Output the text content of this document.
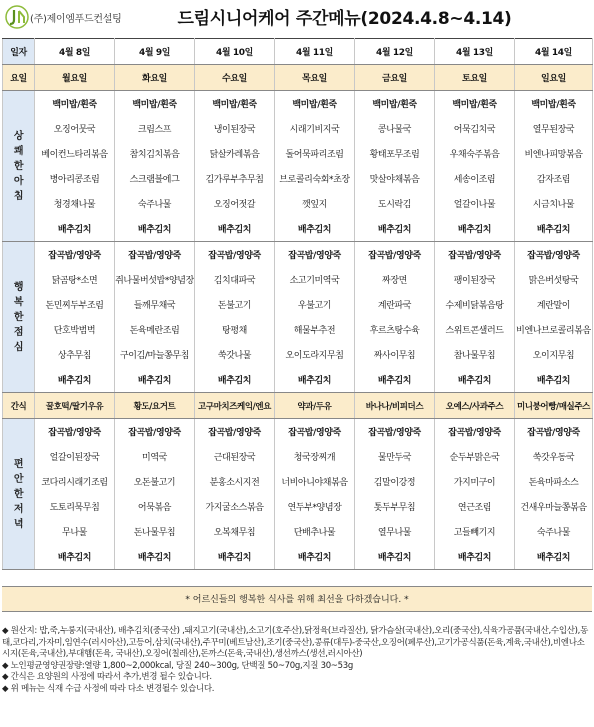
(주)제이엠푸드컨설팅	드림시니어케어 주간메뉴(2024.4.8~4.14)
일자	4월 8일	4월 9일	4월 10일	4월 11일	4월 12일	4월 13일	4월 14일
요일	월요일	화요일	수요일	목요일	금요일	토요일	일요일

상
쾌
한
아
침	백미밥/흰죽	백미밥/흰죽	백미밥/흰죽	백미밥/흰죽	백미밥/흰죽	백미밥/흰죽	백미밥/흰죽
	오징어뭇국	크림스프	냉이된장국	시래기비지국	콩나물국	어묵김치국	열무된장국
	베이컨느타리볶음	참치김치볶음	닭살카레볶음	돌어묵파리조림	황태포무조림	우채숙주볶음	비엔나피망볶음
	병아리콩조림	스크램블에그	김가루부추무침	브로콜리숙회*초장	맛살야채볶음	세송이조림	감자조림
	청경채나물	숙주나물	오징어젓갈	깻잎지	도시락김	얼갈이나물	시금치나물
	배추김치	배추김치	배추김치	배추김치	배추김치	배추김치	배추김치

행
복
한
점
심	잡곡밥/영양죽	잡곡밥/영양죽	잡곡밥/영양죽	잡곡밥/영양죽	잡곡밥/영양죽	잡곡밥/영양죽	잡곡밥/영양죽
	닭곰탕*소면	쥐나물버섯밥*양념장	김치대파국	소고기미역국	짜장면	팽이된장국	맑은버섯탕국
	돈민찌두부조림	들깨무채국	돈불고기	우불고기	계란파국	수제비닭볶음탕	계란말이
	단호박범벅	돈육메란조림	탕평채	해물부추전	후르츠탕수육	스위트콘샐러드	비엔나브로콜리볶음
	상추무침	구이김/마늘쫑무침	쑥갓나물	오이도라지무침	짜사이무침	참나물무침	오이지무침
	배추김치	배추김치	배추김치	배추김치	배추김치	배추김치	배추김치
간식	꿀호떡/딸기우유	황도/요거트	고구마치즈케익/엔요	약과/두유	바나나/비피더스	오예스/사과주스	미니붕어빵/매실주스

편
안
한
저
녁	잡곡밥/영양죽	잡곡밥/영양죽	잡곡밥/영양죽	잡곡밥/영양죽	잡곡밥/영양죽	잡곡밥/영양죽	잡곡밥/영양죽
	얼갈이된장국	미역국	근대된장국	청국장찌개	물만두국	순두부맑은국	쑥갓우동국
	코다리시래기조림	오돈불고기	분홍소시지전	너비아니야채볶음	김말이강정	가지미구이	돈육마파소스
	도토리묵무침	어묵볶음	가지굴소스볶음	연두부*양념장	톳두부무침	연근조림	건새우마늘쫑볶음
	무나물	돈나물무침	오복채무침	단배추나물	열무나물	고들빼기지	숙주나물
	배추김치	배추김치	배추김치	배추김치	배추김치	배추김치	배추김치
* 어르신들의 행복한 식사를 위해 최선을 다하겠습니다. *

◆ 원산지: 밥,죽,누룽지(국내산), 배추김치(중국산) ,돼지고기(국내산),소고기(호주산),닭정육(브라질산), 닭가슴살(국내산),오리(중국산),식육가공품(국내산,수입산),동태,코다리,가자미,임연수(러시아산),고등어,삼치(국내산),주꾸미(베트남산),조기(중국산),콩류(대두)-중국산,오징어(페루산),고기가공식품(돈육,계육,국내산),비엔나소시지(돈육,국내산),부대햄(돈육, 국내산),오징어(칠레산),돈까스(돈육,국내산),생선까스(생선,러시아산)

◆ 노인평균영양권장량:열량 1,800~2,000kcal, 당질 240~300g, 단백질 50~70g,지질 30~53g

◆ 간식은 요양원의 사정에 따라서 추가,변경 될수 있습니다.

◆ 위 메뉴는 식재 수급 사정에 따라 다소 변경될수 있습니다.
